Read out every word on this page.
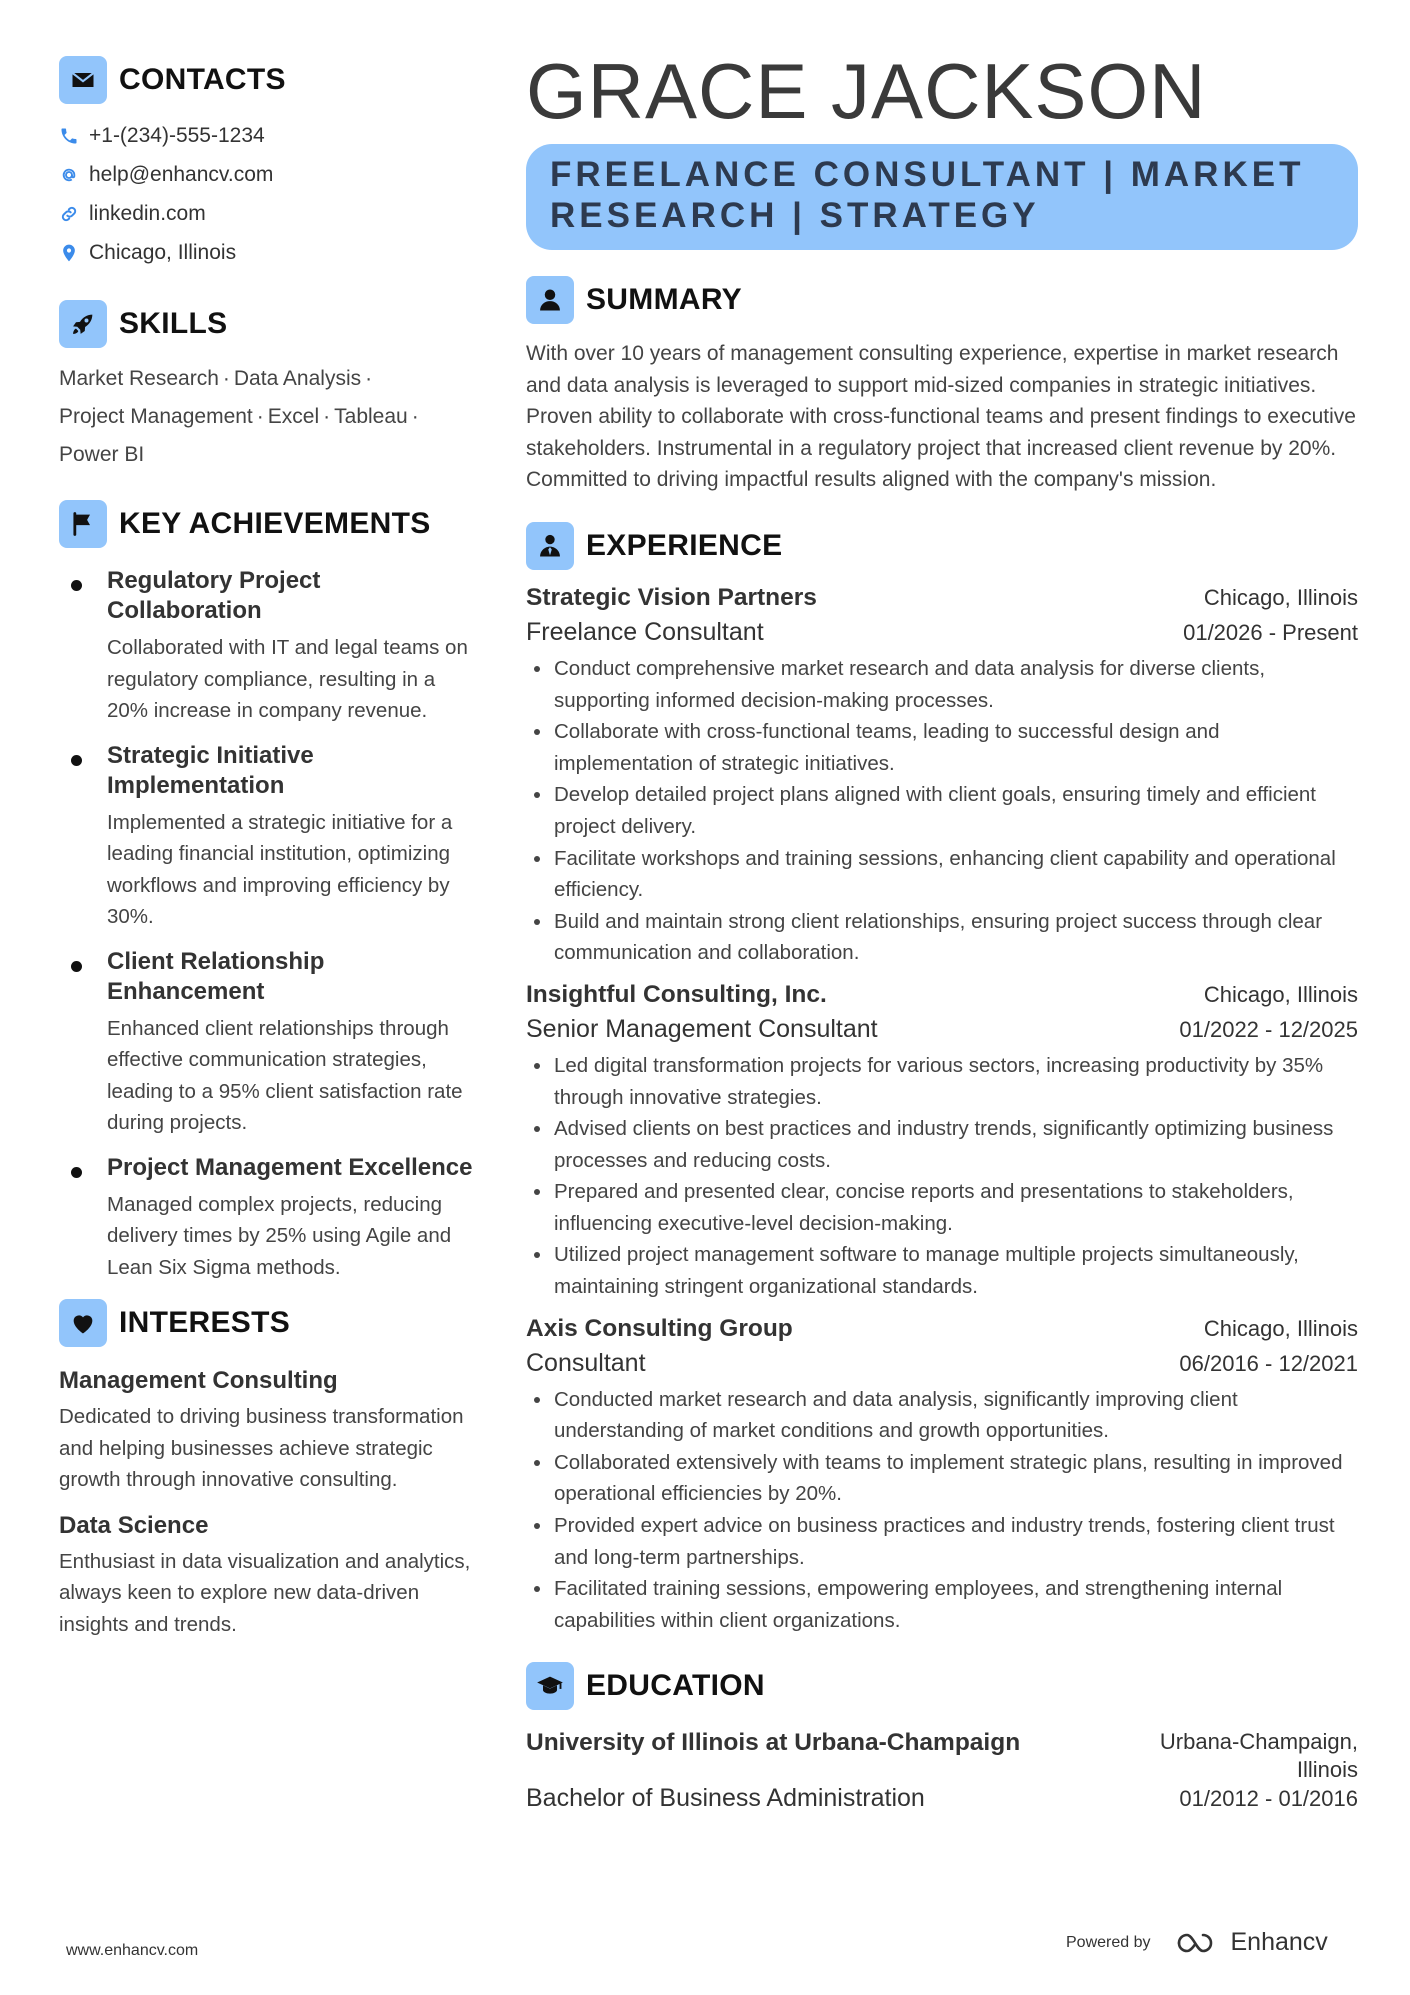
CONTACTS
+1-(234)-555-1234
help@enhancv.com
linkedin.com
Chicago, Illinois
SKILLS
Market Research · Data Analysis ·
Project Management · Excel · Tableau ·
Power BI
KEY ACHIEVEMENTS
Regulatory Project Collaboration
Collaborated with IT and legal teams on regulatory compliance, resulting in a 20% increase in company revenue.
Strategic Initiative Implementation
Implemented a strategic initiative for a leading financial institution, optimizing workflows and improving efficiency by 30%.
Client Relationship Enhancement
Enhanced client relationships through effective communication strategies, leading to a 95% client satisfaction rate during projects.
Project Management Excellence
Managed complex projects, reducing delivery times by 25% using Agile and Lean Six Sigma methods.
INTERESTS
Management Consulting
Dedicated to driving business transformation and helping businesses achieve strategic growth through innovative consulting.
Data Science
Enthusiast in data visualization and analytics, always keen to explore new data-driven insights and trends.
GRACE JACKSON
FREELANCE CONSULTANT | MARKET RESEARCH | STRATEGY
SUMMARY
With over 10 years of management consulting experience, expertise in market research and data analysis is leveraged to support mid-sized companies in strategic initiatives. Proven ability to collaborate with cross-functional teams and present findings to executive stakeholders. Instrumental in a regulatory project that increased client revenue by 20%. Committed to driving impactful results aligned with the company's mission.
EXPERIENCE
Strategic Vision Partners	Chicago, Illinois
Freelance Consultant	01/2026 - Present
Conduct comprehensive market research and data analysis for diverse clients, supporting informed decision-making processes.
Collaborate with cross-functional teams, leading to successful design and implementation of strategic initiatives.
Develop detailed project plans aligned with client goals, ensuring timely and efficient project delivery.
Facilitate workshops and training sessions, enhancing client capability and operational efficiency.
Build and maintain strong client relationships, ensuring project success through clear communication and collaboration.
Insightful Consulting, Inc.	Chicago, Illinois
Senior Management Consultant	01/2022 - 12/2025
Led digital transformation projects for various sectors, increasing productivity by 35% through innovative strategies.
Advised clients on best practices and industry trends, significantly optimizing business processes and reducing costs.
Prepared and presented clear, concise reports and presentations to stakeholders, influencing executive-level decision-making.
Utilized project management software to manage multiple projects simultaneously, maintaining stringent organizational standards.
Axis Consulting Group	Chicago, Illinois
Consultant	06/2016 - 12/2021
Conducted market research and data analysis, significantly improving client understanding of market conditions and growth opportunities.
Collaborated extensively with teams to implement strategic plans, resulting in improved operational efficiencies by 20%.
Provided expert advice on business practices and industry trends, fostering client trust and long-term partnerships.
Facilitated training sessions, empowering employees, and strengthening internal capabilities within client organizations.
EDUCATION
University of Illinois at Urbana-Champaign	Urbana-Champaign, Illinois
Bachelor of Business Administration	01/2012 - 01/2016
www.enhancv.com	Powered by	Enhancv
